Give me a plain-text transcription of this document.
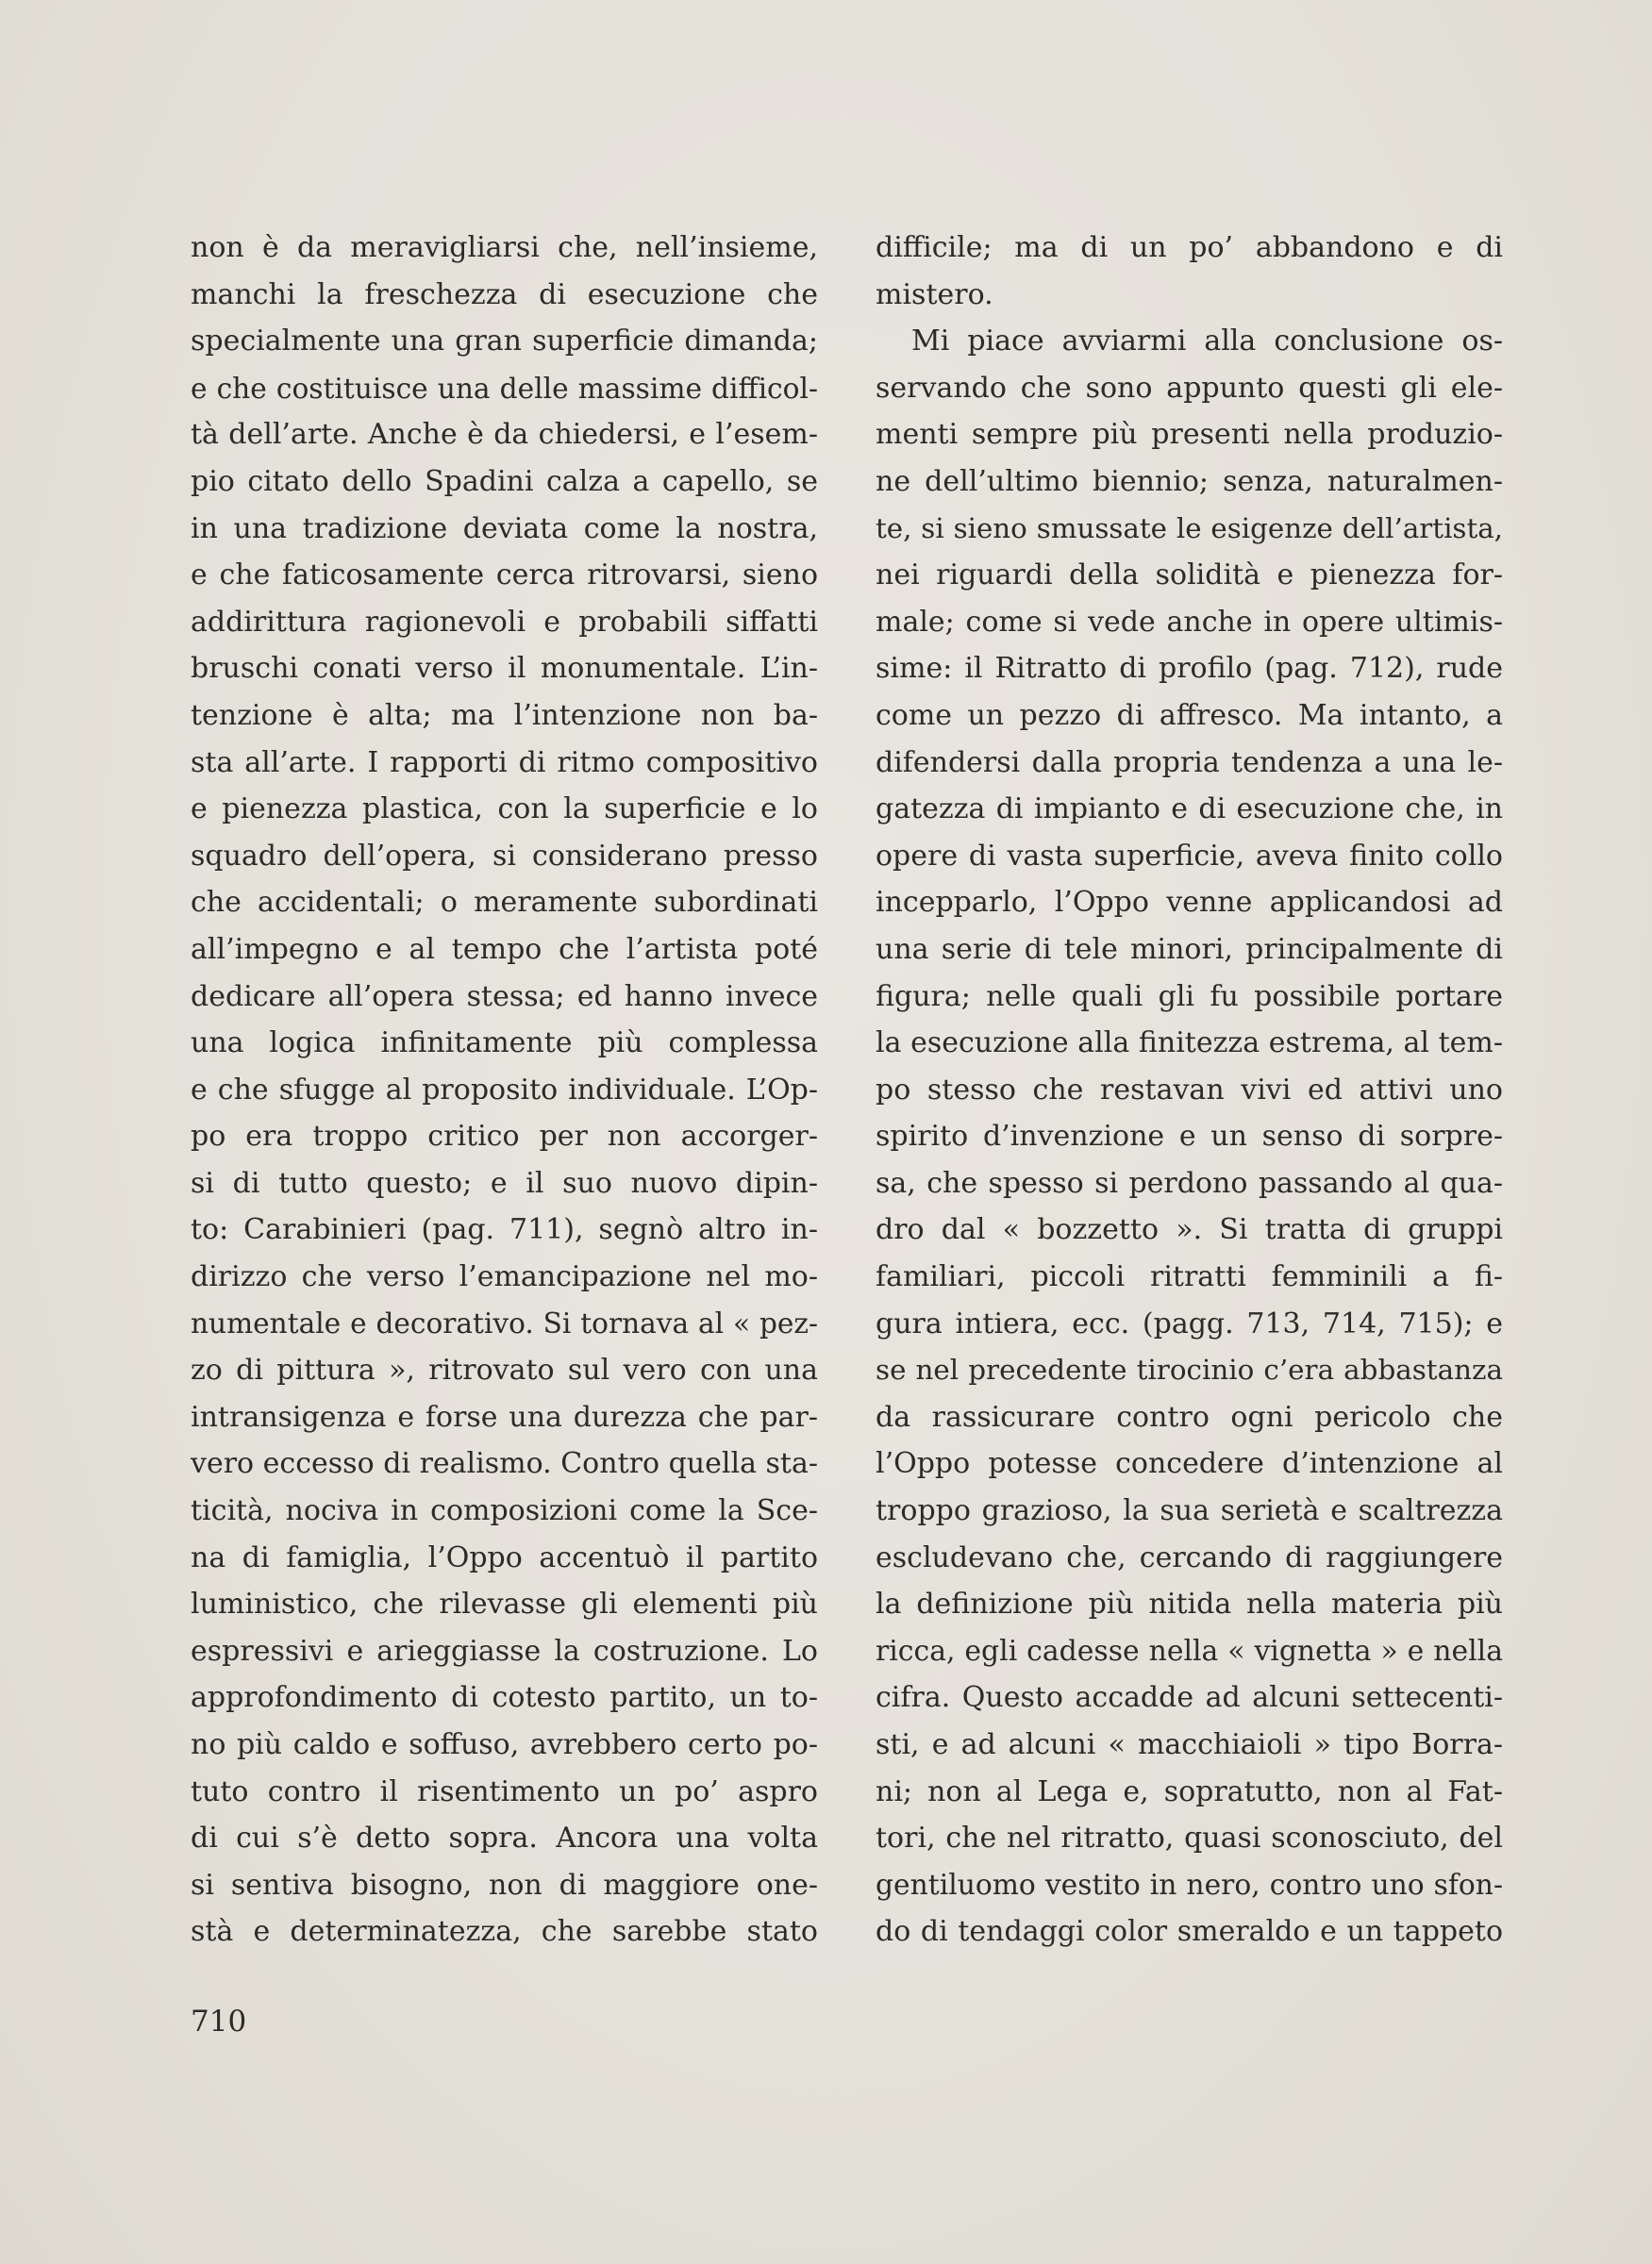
non è da meravigliarsi che, nell’insieme,
manchi la freschezza di esecuzione che
specialmente una gran superficie dimanda;
e che costituisce una delle massime difficol-
tà dell’arte. Anche è da chiedersi, e l’esem-
pio citato dello Spadini calza a capello, se
in una tradizione deviata come la nostra,
e che faticosamente cerca ritrovarsi, sieno
addirittura ragionevoli e probabili siffatti
bruschi conati verso il monumentale. L’in-
tenzione è alta; ma l’intenzione non ba-
sta all’arte. I rapporti di ritmo compositivo
e pienezza plastica, con la superficie e lo
squadro dell’opera, si considerano presso
che accidentali; o meramente subordinati
all’impegno e al tempo che l’artista poté
dedicare all’opera stessa; ed hanno invece
una logica infinitamente più complessa
e che sfugge al proposito individuale. L’Op-
po era troppo critico per non accorger-
si di tutto questo; e il suo nuovo dipin-
to: Carabinieri (pag. 711), segnò altro in-
dirizzo che verso l’emancipazione nel mo-
numentale e decorativo. Si tornava al « pez-
zo di pittura », ritrovato sul vero con una
intransigenza e forse una durezza che par-
vero eccesso di realismo. Contro quella sta-
ticità, nociva in composizioni come la Sce-
na di famiglia, l’Oppo accentuò il partito
luministico, che rilevasse gli elementi più
espressivi e arieggiasse la costruzione. Lo
approfondimento di cotesto partito, un to-
no più caldo e soffuso, avrebbero certo po-
tuto contro il risentimento un po’ aspro
di cui s’è detto sopra. Ancora una volta
si sentiva bisogno, non di maggiore one-
stà e determinatezza, che sarebbe stato
difficile; ma di un po’ abbandono e di
mistero.
Mi piace avviarmi alla conclusione os-
servando che sono appunto questi gli ele-
menti sempre più presenti nella produzio-
ne dell’ultimo biennio; senza, naturalmen-
te, si sieno smussate le esigenze dell’artista,
nei riguardi della solidità e pienezza for-
male; come si vede anche in opere ultimis-
sime: il Ritratto di profilo (pag. 712), rude
come un pezzo di affresco. Ma intanto, a
difendersi dalla propria tendenza a una le-
gatezza di impianto e di esecuzione che, in
opere di vasta superficie, aveva finito collo
incepparlo, l’Oppo venne applicandosi ad
una serie di tele minori, principalmente di
figura; nelle quali gli fu possibile portare
la esecuzione alla finitezza estrema, al tem-
po stesso che restavan vivi ed attivi uno
spirito d’invenzione e un senso di sorpre-
sa, che spesso si perdono passando al qua-
dro dal « bozzetto ». Si tratta di gruppi
familiari, piccoli ritratti femminili a fi-
gura intiera, ecc. (pagg. 713, 714, 715); e
se nel precedente tirocinio c’era abbastanza
da rassicurare contro ogni pericolo che
l’Oppo potesse concedere d’intenzione al
troppo grazioso, la sua serietà e scaltrezza
escludevano che, cercando di raggiungere
la definizione più nitida nella materia più
ricca, egli cadesse nella « vignetta » e nella
cifra. Questo accadde ad alcuni settecenti-
sti, e ad alcuni « macchiaioli » tipo Borra-
ni; non al Lega e, sopratutto, non al Fat-
tori, che nel ritratto, quasi sconosciuto, del
gentiluomo vestito in nero, contro uno sfon-
do di tendaggi color smeraldo e un tappeto
710
